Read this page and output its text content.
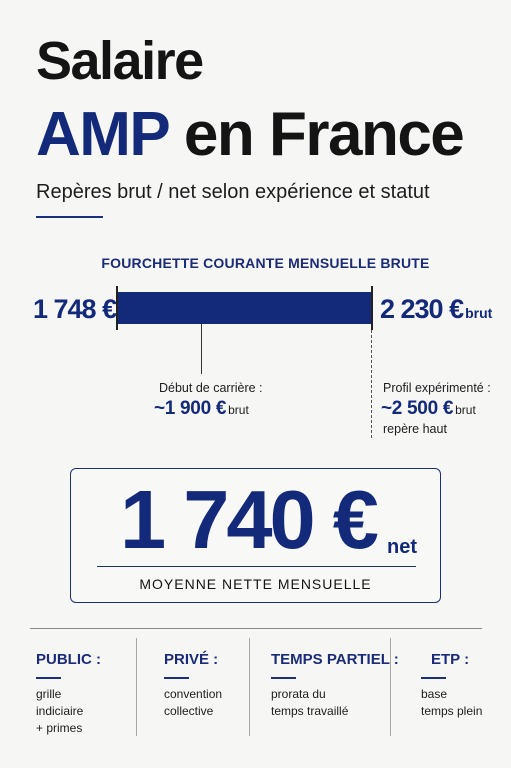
Salaire
AMP en France
Repères brut / net selon expérience et statut
FOURCHETTE COURANTE MENSUELLE BRUTE
1 748 €	2 230 € brut
Début de carrière :
~1 900 € brut
Profil expérimenté :
~2 500 € brut
repère haut
1 740 € net
MOYENNE NETTE MENSUELLE
PUBLIC :
grille
indiciaire
+ primes
PRIVÉ :
convention
collective
TEMPS PARTIEL :
prorata du
temps travaillé
ETP :
base
temps plein
